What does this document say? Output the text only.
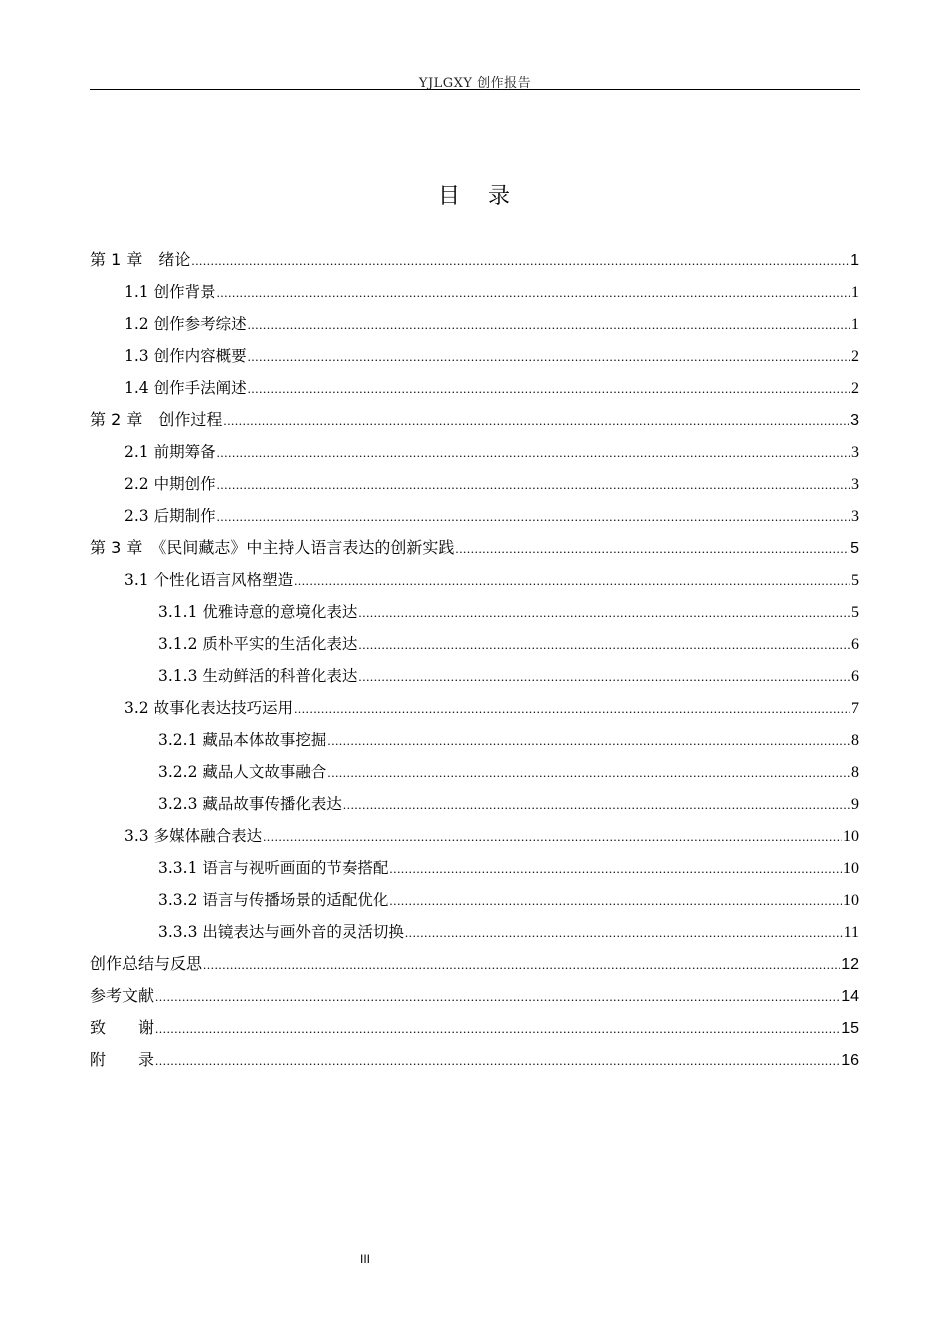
YJLGXY 创作报告
目 录
第 1 章　绪论 .....	1
1.1 创作背景 .....	1
1.2 创作参考综述 .....	1
1.3 创作内容概要 .....	2
1.4 创作手法阐述 .....	2
第 2 章　创作过程 .....	3
2.1 前期筹备 .....	3
2.2 中期创作 .....	3
2.3 后期制作 .....	3
第 3 章　《民间藏志》中主持人语言表达的创新实践 .....	5
3.1 个性化语言风格塑造 .....	5
3.1.1 优雅诗意的意境化表达 .....	5
3.1.2 质朴平实的生活化表达 .....	6
3.1.3 生动鲜活的科普化表达 .....	6
3.2 故事化表达技巧运用 .....	7
3.2.1 藏品本体故事挖掘 .....	8
3.2.2 藏品人文故事融合 .....	8
3.2.3 藏品故事传播化表达 .....	9
3.3 多媒体融合表达 .....	10
3.3.1 语言与视听画面的节奏搭配 .....	10
3.3.2 语言与传播场景的适配优化 .....	10
3.3.3 出镜表达与画外音的灵活切换 .....	11
创作总结与反思 .....	12
参考文献 .....	14
致　　谢 .....	15
附　　录 .....	16
III
